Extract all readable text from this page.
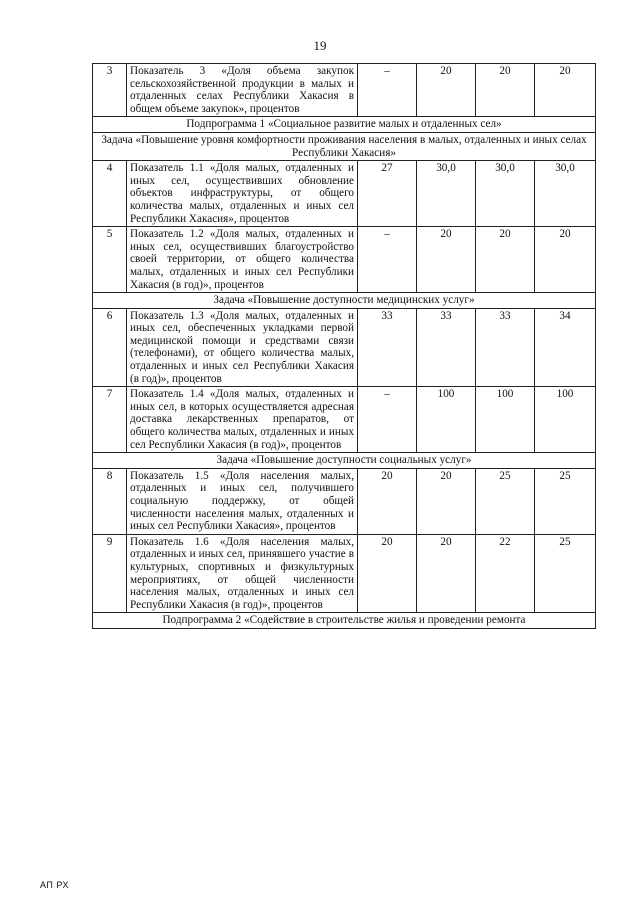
19
3	Показатель 3 «Доля объема закупок сельскохозяйственной продукции в малых и отдаленных селах Республики Хакасия в общем объеме закупок», процентов	–	20	20	20
Подпрограмма 1 «Социальное развитие малых и отдаленных сел»					
Задача «Повышение уровня комфортности проживания населения в малых, отдаленных и иных селах Республики Хакасия»					
4	Показатель 1.1 «Доля малых, отдаленных и иных сел, осуществивших обновление объектов инфраструктуры, от общего количества малых, отдаленных и иных сел Республики Хакасия», процентов	27	30,0	30,0	30,0
5	Показатель 1.2 «Доля малых, отдаленных и иных сел, осуществивших благоустройство своей территории, от общего количества малых, отдаленных и иных сел Республики Хакасия (в год)», процентов	–	20	20	20
Задача «Повышение доступности медицинских услуг»					
6	Показатель 1.3 «Доля малых, отдаленных и иных сел, обеспеченных укладками первой медицинской помощи и средствами связи (телефонами), от общего количества малых, отдаленных и иных сел Республики Хакасия (в год)», процентов	33	33	33	34
7	Показатель 1.4 «Доля малых, отдаленных и иных сел, в которых осуществляется адресная доставка лекарственных препаратов, от общего количества малых, отдаленных и иных сел Республики Хакасия (в год)», процентов	–	100	100	100
Задача «Повышение доступности социальных услуг»					
8	Показатель 1.5 «Доля населения малых, отдаленных и иных сел, получившего социальную поддержку, от общей численности населения малых, отдаленных и иных сел Республики Хакасия», процентов	20	20	25	25
9	Показатель 1.6 «Доля населения малых, отдаленных и иных сел, принявшего участие в культурных, спортивных и физкультурных мероприятиях, от общей численности населения малых, отдаленных и иных сел Республики Хакасия (в год)», процентов	20	20	22	25
Подпрограмма 2 «Содействие в строительстве жилья и проведении ремонта					
АП РХ
